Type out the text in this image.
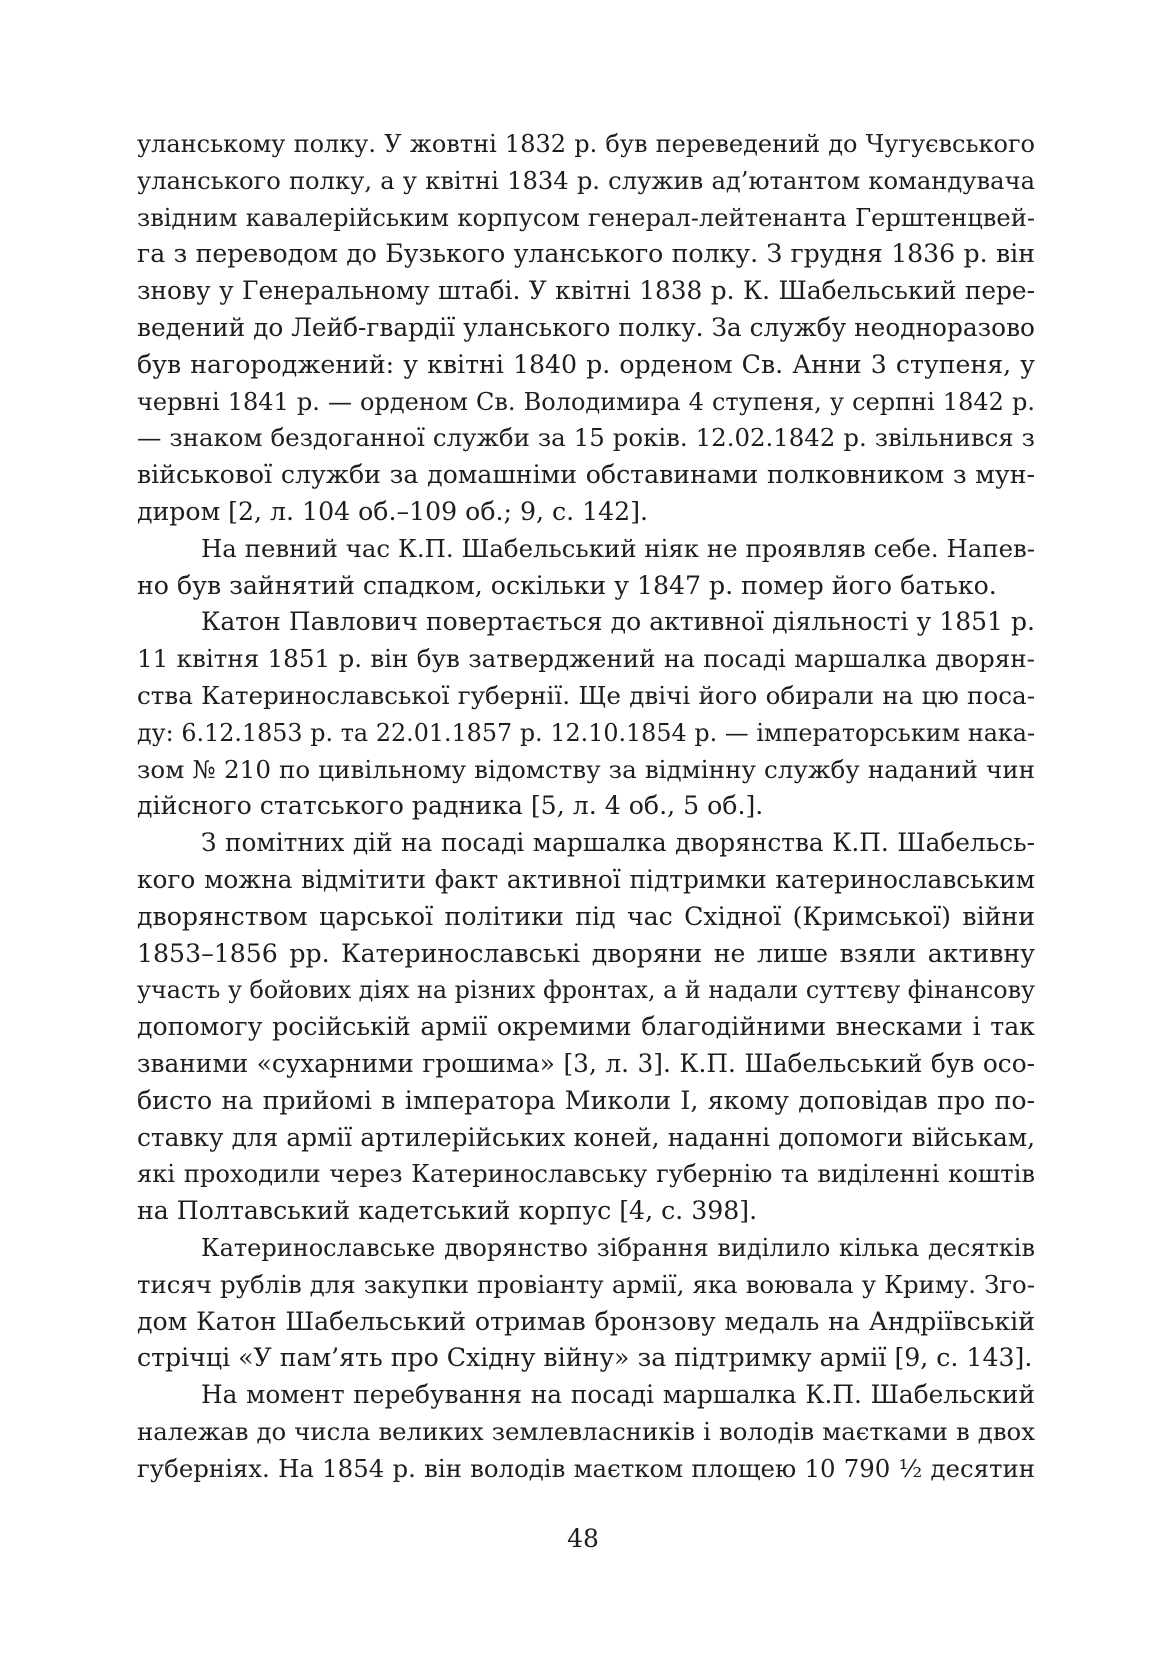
уланському полку. У жовтні 1832 р. був переведений до Чугуєвського
уланського полку, а у квітні 1834 р. служив ад’ютантом командувача
звідним кавалерійським корпусом генерал-лейтенанта Герштенцвей-
га з переводом до Бузького уланського полку. З грудня 1836 р. він
знову у Генеральному штабі. У квітні 1838 р. К. Шабельський пере-
ведений до Лейб-гвардії уланського полку. За службу неодноразово
був нагороджений: у квітні 1840 р. орденом Св. Анни 3 ступеня, у
червні 1841 р. — орденом Св. Володимира 4 ступеня, у серпні 1842 р.
— знаком бездоганної служби за 15 років. 12.02.1842 р. звільнився з
військової служби за домашніми обставинами полковником з мун-
диром [2, л. 104 об.–109 об.; 9, с. 142].
На певний час К.П. Шабельський ніяк не проявляв себе. Напев-
но був зайнятий спадком, оскільки у 1847 р. помер його батько.
Катон Павлович повертається до активної діяльності у 1851 р.
11 квітня 1851 р. він був затверджений на посаді маршалка дворян-
ства Катеринославської губернії. Ще двічі його обирали на цю поса-
ду: 6.12.1853 р. та 22.01.1857 р. 12.10.1854 р. — імператорським нака-
зом № 210 по цивільному відомству за відмінну службу наданий чин
дійсного статського радника [5, л. 4 об., 5 об.].
З помітних дій на посаді маршалка дворянства К.П. Шабельсь-
кого можна відмітити факт активної підтримки катеринославським
дворянством царської політики під час Східної (Кримської) війни
1853–1856 рр. Катеринославські дворяни не лише взяли активну
участь у бойових діях на різних фронтах, а й надали суттєву фінансову
допомогу російській армії окремими благодійними внесками і так
званими «сухарними грошима» [3, л. 3]. К.П. Шабельський був осо-
бисто на прийомі в імператора Миколи I, якому доповідав про по-
ставку для армії артилерійських коней, наданні допомоги військам,
які проходили через Катеринославську губернію та виділенні коштів
на Полтавський кадетський корпус [4, с. 398].
Катеринославське дворянство зібрання виділило кілька десятків
тисяч рублів для закупки провіанту армії, яка воювала у Криму. Зго-
дом Катон Шабельський отримав бронзову медаль на Андріївській
стрічці «У пам’ять про Східну війну» за підтримку армії [9, с. 143].
На момент перебування на посаді маршалка К.П. Шабельский
належав до числа великих землевласників і володів маєтками в двох
губерніях. На 1854 р. він володів маєтком площею 10 790 ½ десятин
48
